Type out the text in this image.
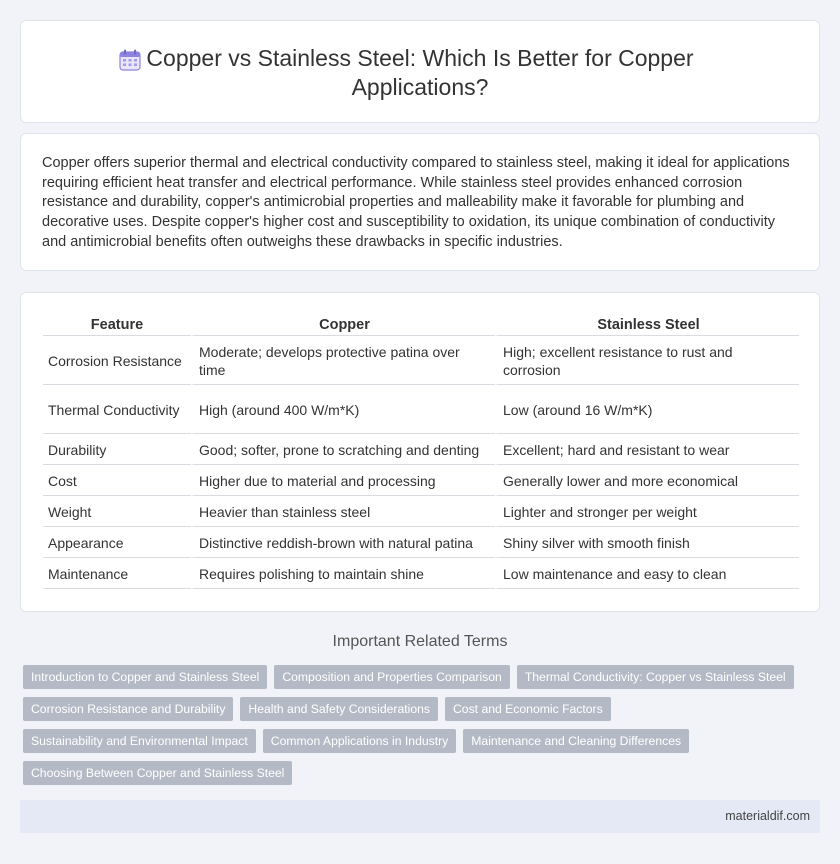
Copper vs Stainless Steel: Which Is Better for Copper Applications?

Copper offers superior thermal and electrical conductivity compared to stainless steel, making it ideal for applications requiring efficient heat transfer and electrical performance. While stainless steel provides enhanced corrosion resistance and durability, copper's antimicrobial properties and malleability make it favorable for plumbing and decorative uses. Despite copper's higher cost and susceptibility to oxidation, its unique combination of conductivity and antimicrobial benefits often outweighs these drawbacks in specific industries.

Feature	Copper	Stainless Steel
Corrosion Resistance	Moderate; develops protective patina over time	High; excellent resistance to rust and corrosion
Thermal Conductivity	High (around 400 W/m*K)	Low (around 16 W/m*K)
Durability	Good; softer, prone to scratching and denting	Excellent; hard and resistant to wear
Cost	Higher due to material and processing	Generally lower and more economical
Weight	Heavier than stainless steel	Lighter and stronger per weight
Appearance	Distinctive reddish-brown with natural patina	Shiny silver with smooth finish
Maintenance	Requires polishing to maintain shine	Low maintenance and easy to clean
Important Related Terms
Introduction to Copper and Stainless Steel	Composition and Properties Comparison	Thermal Conductivity: Copper vs Stainless Steel
Corrosion Resistance and Durability	Health and Safety Considerations	Cost and Economic Factors
Sustainability and Environmental Impact	Common Applications in Industry	Maintenance and Cleaning Differences
Choosing Between Copper and Stainless Steel
materialdif.com
